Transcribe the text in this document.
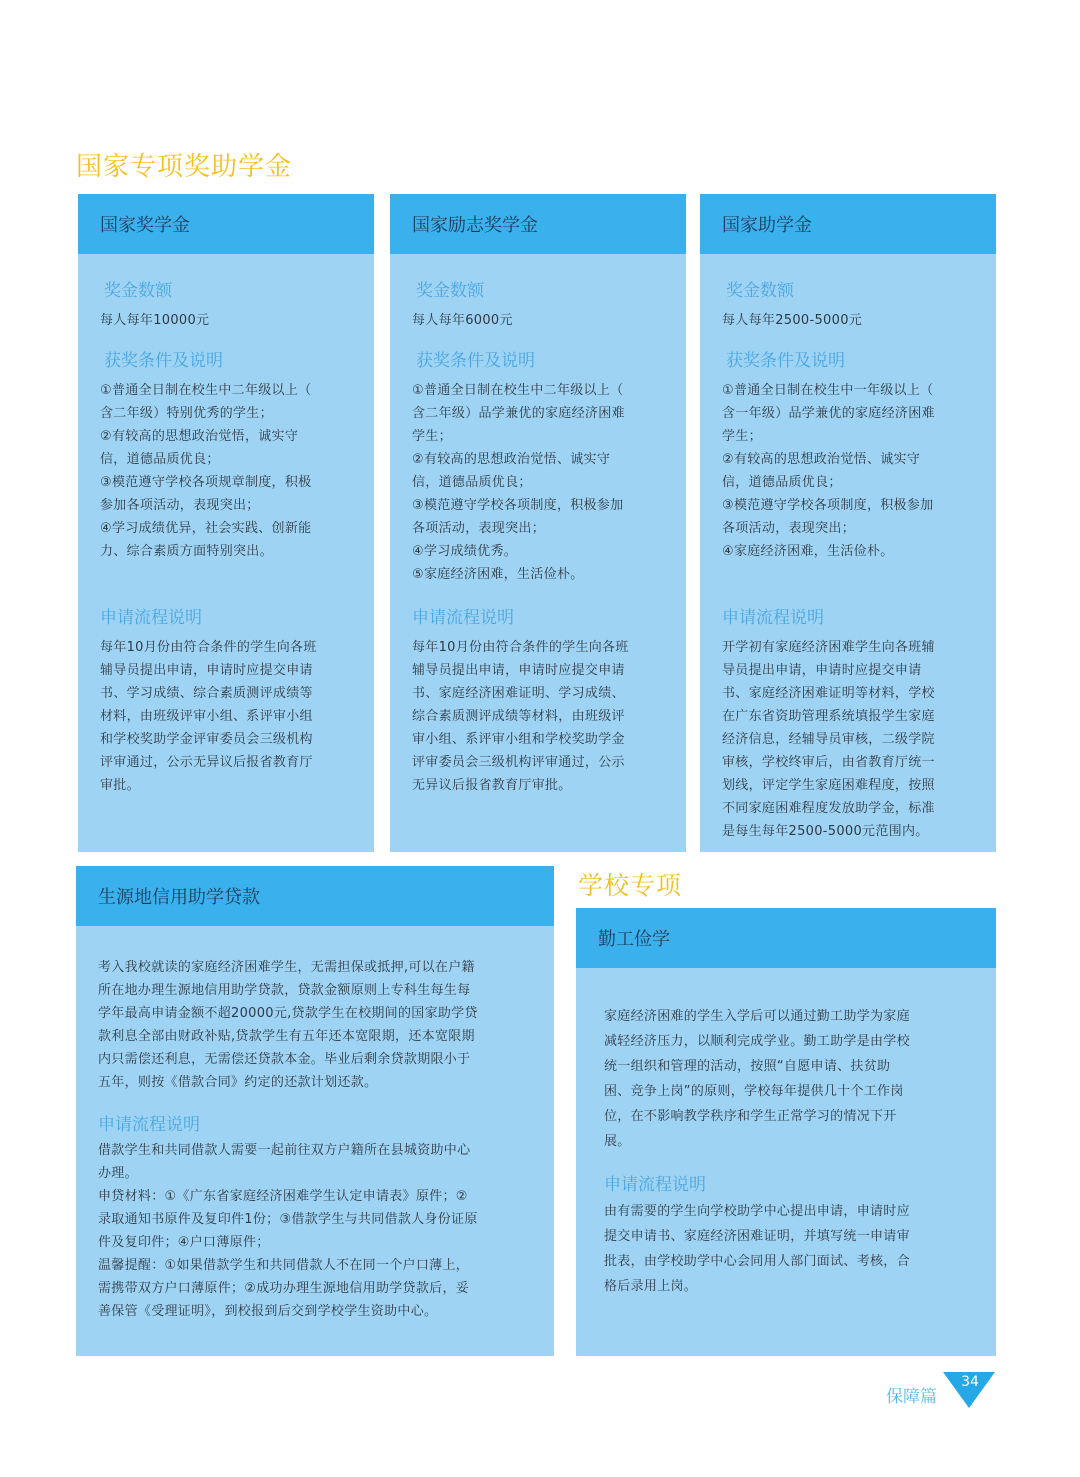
国家专项奖助学金
国家奖学金
奖金数额

每人每年10000元

获奖条件及说明

①普通全日制在校生中二年级以上（
含二年级）特别优秀的学生；
②有较高的思想政治觉悟，诚实守
信，道德品质优良；
③模范遵守学校各项规章制度，积极
参加各项活动，表现突出；
④学习成绩优异，社会实践、创新能
力、综合素质方面特别突出。

申请流程说明

每年10月份由符合条件的学生向各班
辅导员提出申请，申请时应提交申请
书、学习成绩、综合素质测评成绩等
材料，由班级评审小组、系评审小组
和学校奖助学金评审委员会三级机构
评审通过，公示无异议后报省教育厅
审批。

国家励志奖学金
奖金数额

每人每年6000元

获奖条件及说明

①普通全日制在校生中二年级以上（
含二年级）品学兼优的家庭经济困难
学生；
②有较高的思想政治觉悟、诚实守
信，道德品质优良；
③模范遵守学校各项制度，积极参加
各项活动，表现突出；
④学习成绩优秀。
⑤家庭经济困难，生活俭朴。

申请流程说明

每年10月份由符合条件的学生向各班
辅导员提出申请，申请时应提交申请
书、家庭经济困难证明、学习成绩、
综合素质测评成绩等材料，由班级评
审小组、系评审小组和学校奖助学金
评审委员会三级机构评审通过，公示
无异议后报省教育厅审批。

国家助学金
奖金数额

每人每年2500-5000元

获奖条件及说明

①普通全日制在校生中一年级以上（
含一年级）品学兼优的家庭经济困难
学生；
②有较高的思想政治觉悟、诚实守
信，道德品质优良；
③模范遵守学校各项制度，积极参加
各项活动，表现突出；
④家庭经济困难，生活俭朴。

申请流程说明

开学初有家庭经济困难学生向各班辅
导员提出申请，申请时应提交申请
书、家庭经济困难证明等材料，学校
在广东省资助管理系统填报学生家庭
经济信息，经辅导员审核，二级学院
审核，学校终审后，由省教育厅统一
划线，评定学生家庭困难程度，按照
不同家庭困难程度发放助学金，标准
是每生每年2500-5000元范围内。

生源地信用助学贷款

考入我校就读的家庭经济困难学生，无需担保或抵押,可以在户籍
所在地办理生源地信用助学贷款，贷款金额原则上专科生每生每
学年最高申请金额不超20000元,贷款学生在校期间的国家助学贷
款利息全部由财政补贴,贷款学生有五年还本宽限期，还本宽限期
内只需偿还利息，无需偿还贷款本金。毕业后剩余贷款期限小于
五年，则按《借款合同》约定的还款计划还款。

申请流程说明

借款学生和共同借款人需要一起前往双方户籍所在县城资助中心
办理。
申贷材料：①《广东省家庭经济困难学生认定申请表》原件；②
录取通知书原件及复印件1份；③借款学生与共同借款人身份证原
件及复印件；④户口薄原件；
温馨提醒：①如果借款学生和共同借款人不在同一个户口薄上，
需携带双方户口薄原件；②成功办理生源地信用助学贷款后，妥
善保管《受理证明》，到校报到后交到学校学生资助中心。

学校专项
勤工俭学

家庭经济困难的学生入学后可以通过勤工助学为家庭
减轻经济压力，以顺利完成学业。勤工助学是由学校
统一组织和管理的活动，按照“自愿申请、扶贫助
困、竞争上岗”的原则，学校每年提供几十个工作岗
位，在不影响教学秩序和学生正常学习的情况下开
展。

申请流程说明

由有需要的学生向学校助学中心提出申请，申请时应
提交申请书、家庭经济困难证明，并填写统一申请审
批表，由学校助学中心会同用人部门面试、考核，合
格后录用上岗。

保障篇
34
